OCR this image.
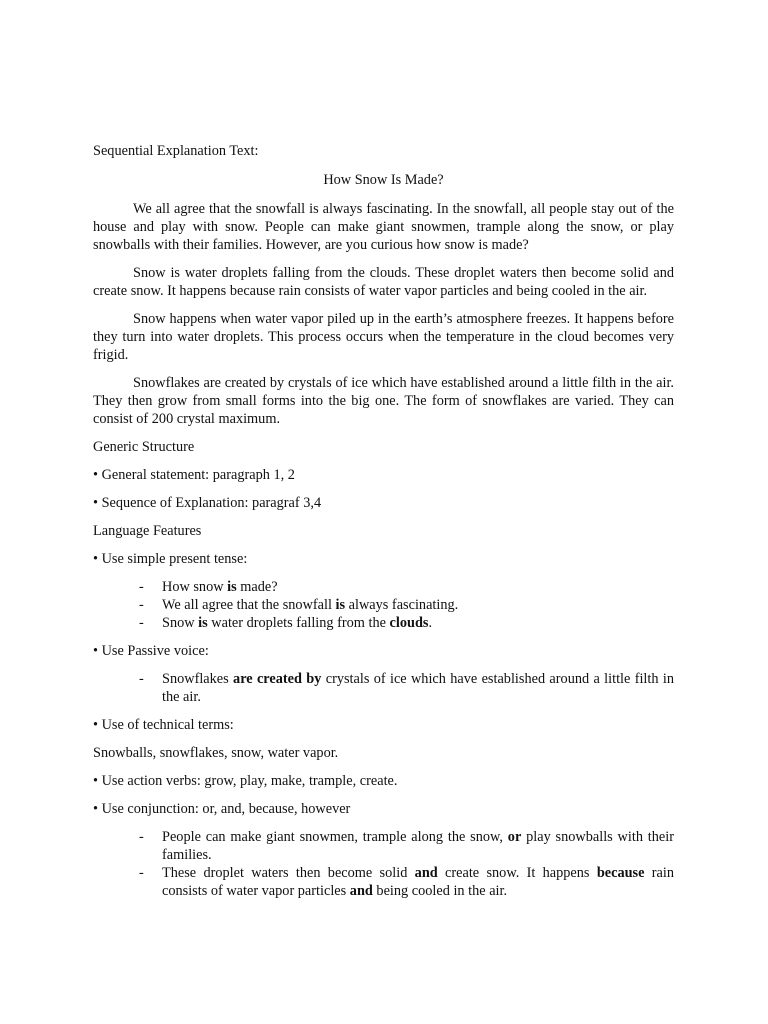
Sequential Explanation Text:

How Snow Is Made?

We all agree that the snowfall is always fascinating. In the snowfall, all people stay out of the house and play with snow. People can make giant snowmen, trample along the snow, or play snowballs with their families. However, are you curious how snow is made?

Snow is water droplets falling from the clouds. These droplet waters then become solid and create snow. It happens because rain consists of water vapor particles and being cooled in the air.

Snow happens when water vapor piled up in the earth’s atmosphere freezes. It happens before they turn into water droplets. This process occurs when the temperature in the cloud becomes very frigid.

Snowflakes are created by crystals of ice which have established around a little filth in the air. They then grow from small forms into the big one. The form of snowflakes are varied. They can consist of 200 crystal maximum.

Generic Structure

• General statement: paragraph 1, 2

• Sequence of Explanation: paragraf 3,4

Language Features

• Use simple present tense:

-	How snow is made?
-	We all agree that the snowfall is always fascinating.
-	Snow is water droplets falling from the clouds.

• Use Passive voice:

-	Snowflakes are created by crystals of ice which have established around a little filth in the air.

• Use of technical terms:

Snowballs, snowflakes, snow, water vapor.

• Use action verbs: grow, play, make, trample, create.

• Use conjunction: or, and, because, however

-	People can make giant snowmen, trample along the snow, or play snowballs with their families.
-	These droplet waters then become solid and create snow. It happens because rain consists of water vapor particles and being cooled in the air.
